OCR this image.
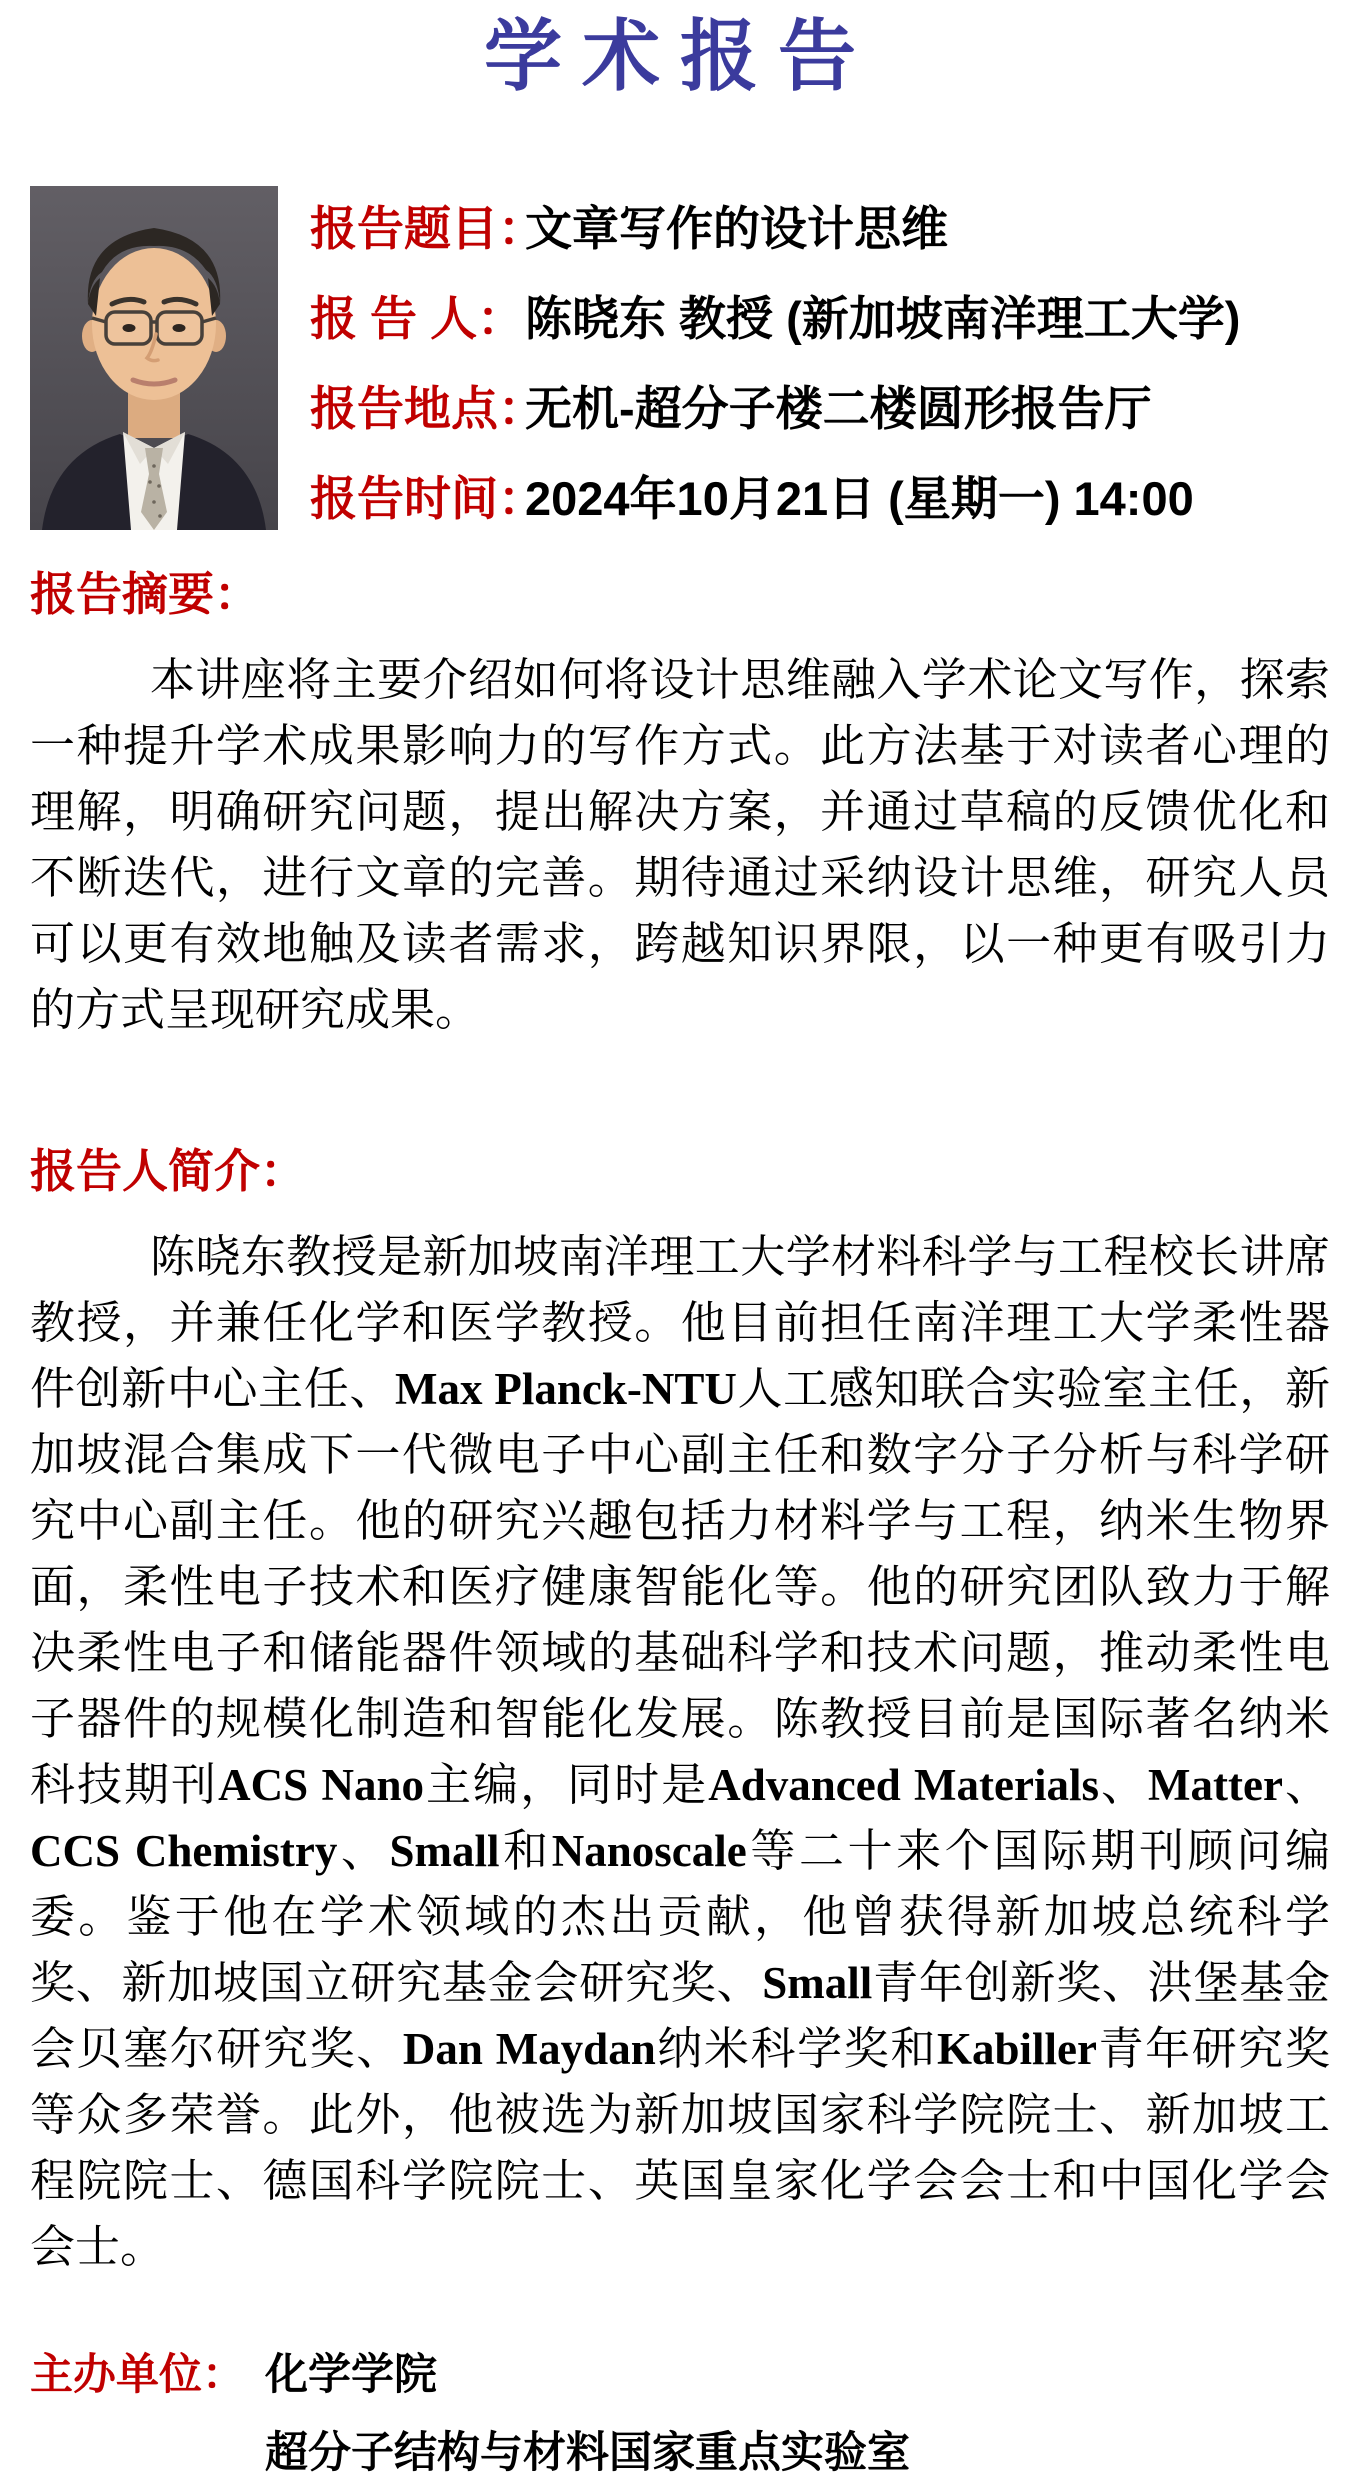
学术报告
报告题目：
文章写作的设计思维
报 告 人： 陈晓东 教授 (新加坡南洋理工大学)
报告地点：
无机-超分子楼二楼圆形报告厅
报告时间：
2024年10月21日 (星期一) 14:00
报告摘要：

本讲座将主要介绍如何将设计思维融入学术论文写作，探索一种提升学术成果影响力的写作方式。此方法基于对读者心理的理解，明确研究问题，提出解决方案，并通过草稿的反馈优化和不断迭代，进行文章的完善。期待通过采纳设计思维，研究人员可以更有效地触及读者需求，跨越知识界限，以一种更有吸引力的方式呈现研究成果。

报告人简介：

陈晓东教授是新加坡南洋理工大学材料科学与工程校长讲席教授，并兼任化学和医学教授。他目前担任南洋理工大学柔性器件创新中心主任、Max Planck-NTU人工感知联合实验室主任，新加坡混合集成下一代微电子中心副主任和数字分子分析与科学研究中心副主任。他的研究兴趣包括力材料学与工程，纳米生物界面，柔性电子技术和医疗健康智能化等。他的研究团队致力于解决柔性电子和储能器件领域的基础科学和技术问题，推动柔性电子器件的规模化制造和智能化发展。陈教授目前是国际著名纳米科技期刊ACS Nano主编，同时是Advanced Materials、Matter、CCS Chemistry、Small和Nanoscale等二十来个国际期刊顾问编委。鉴于他在学术领域的杰出贡献，他曾获得新加坡总统科学奖、新加坡国立研究基金会研究奖、Small青年创新奖、洪堡基金会贝塞尔研究奖、Dan Maydan纳米科学奖和Kabiller青年研究奖等众多荣誉。此外，他被选为新加坡国家科学院院士、新加坡工程院院士、德国科学院院士、英国皇家化学会会士和中国化学会会士。

主办单位： 化学学院
超分子结构与材料国家重点实验室
